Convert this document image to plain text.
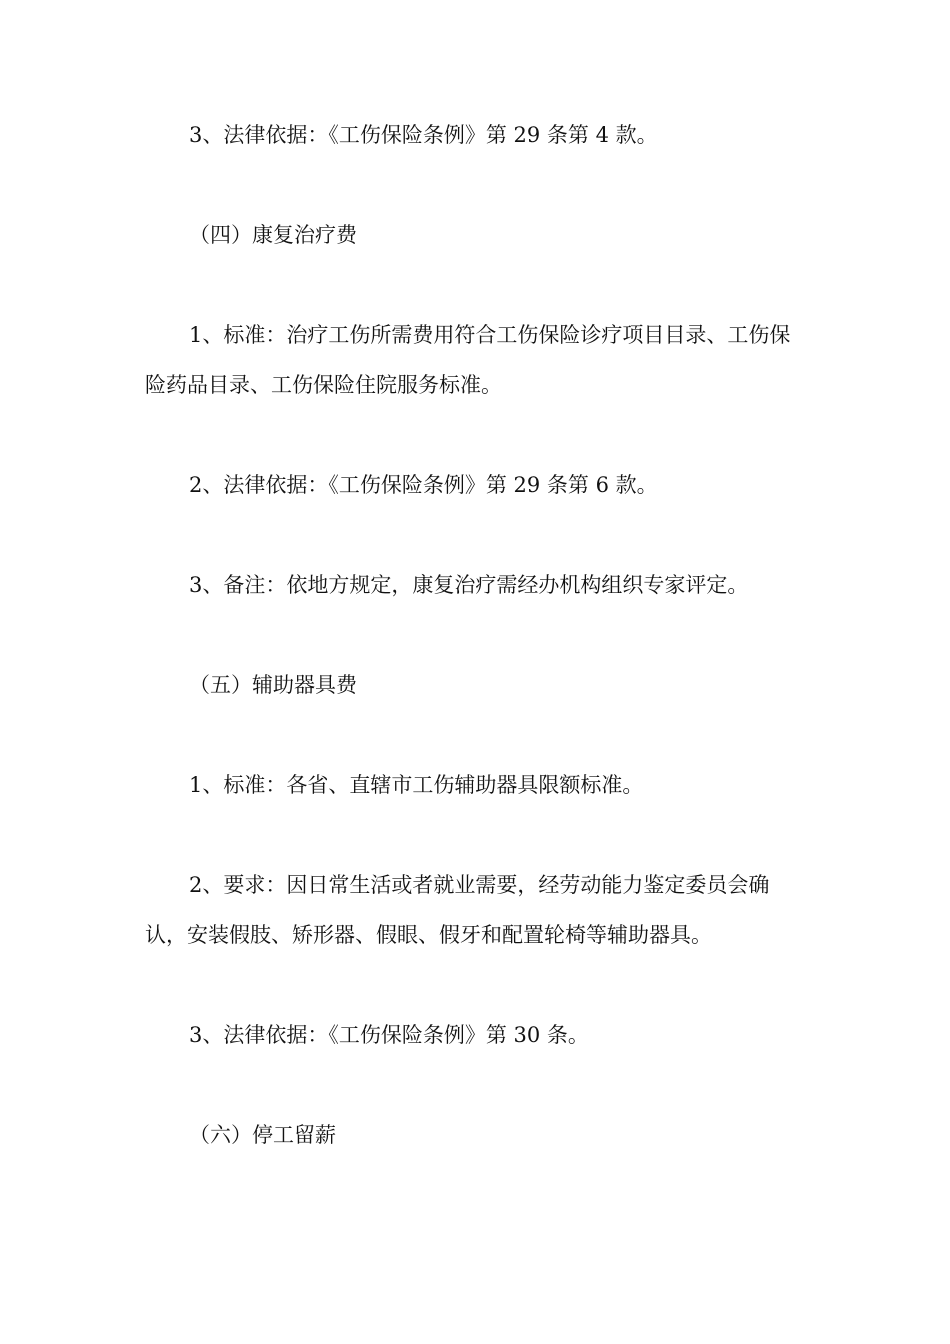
3、法律依据：《工伤保险条例》第 29 条第 4 款。

（四）康复治疗费

1、标准：治疗工伤所需费用符合工伤保险诊疗项目目录、工伤保险药品目录、工伤保险住院服务标准。

2、法律依据：《工伤保险条例》第 29 条第 6 款。

3、备注：依地方规定，康复治疗需经办机构组织专家评定。

（五）辅助器具费

1、标准：各省、直辖市工伤辅助器具限额标准。

2、要求：因日常生活或者就业需要，经劳动能力鉴定委员会确认，安装假肢、矫形器、假眼、假牙和配置轮椅等辅助器具。

3、法律依据：《工伤保险条例》第 30 条。

（六）停工留薪
